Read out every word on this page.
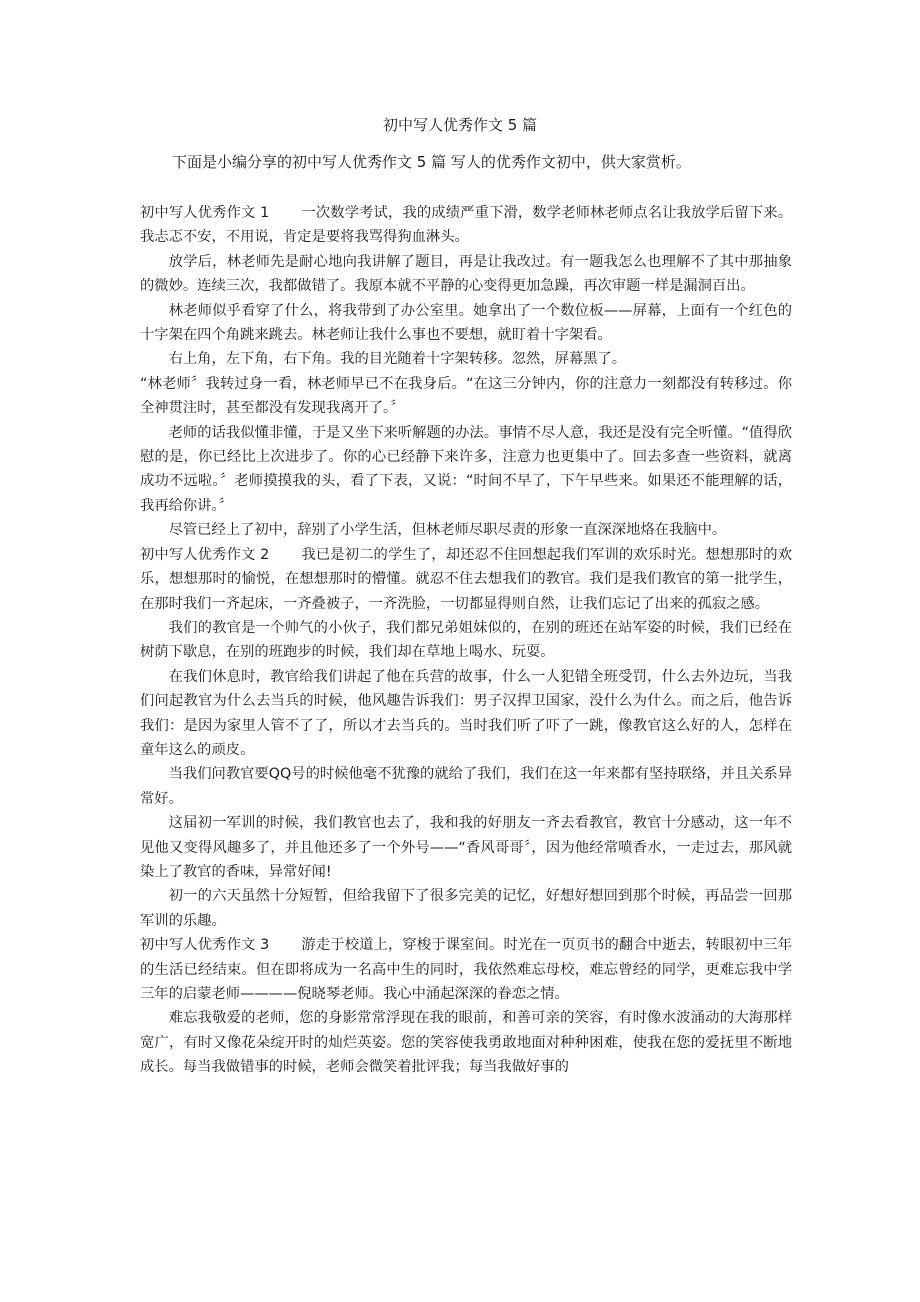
初中写人优秀作文 5 篇
下面是小编分享的初中写人优秀作文 5 篇 写人的优秀作文初中，供大家赏析。

初中写人优秀作文 1 一次数学考试，我的成绩严重下滑，数学老师林老师点名让我放学后留下来。我忐忑不安，不用说，肯定是要将我骂得狗血淋头。

放学后，林老师先是耐心地向我讲解了题目，再是让我改过。有一题我怎么也理解不了其中那抽象的微妙。连续三次，我都做错了。我原本就不平静的心变得更加急躁，再次审题一样是漏洞百出。

林老师似乎看穿了什么，将我带到了办公室里。她拿出了一个数位板——屏幕，上面有一个红色的十字架在四个角跳来跳去。林老师让我什么事也不要想，就盯着十字架看。

右上角，左下角，右下角。我的目光随着十字架转移。忽然，屏幕黑了。

“林老师〞我转过身一看，林老师早已不在我身后。“在这三分钟内，你的注意力一刻都没有转移过。你全神贯注时，甚至都没有发现我离开了。〞

老师的话我似懂非懂，于是又坐下来听解题的办法。事情不尽人意，我还是没有完全听懂。“值得欣慰的是，你已经比上次进步了。你的心已经静下来许多，注意力也更集中了。回去多查一些资料，就离成功不远啦。〞老师摸摸我的头，看了下表，又说：“时间不早了，下午早些来。如果还不能理解的话，我再给你讲。〞

尽管已经上了初中，辞别了小学生活，但林老师尽职尽责的形象一直深深地烙在我脑中。

初中写人优秀作文 2 我已是初二的学生了，却还忍不住回想起我们军训的欢乐时光。想想那时的欢乐，想想那时的愉悦，在想想那时的懵懂。就忍不住去想我们的教官。我们是我们教官的第一批学生，在那时我们一齐起床，一齐叠被子，一齐洗脸，一切都显得则自然，让我们忘记了出来的孤寂之感。

我们的教官是一个帅气的小伙子，我们都兄弟姐妹似的，在别的班还在站军姿的时候，我们已经在树荫下歇息，在别的班跑步的时候，我们却在草地上喝水、玩耍。

在我们休息时，教官给我们讲起了他在兵营的故事，什么一人犯错全班受罚，什么去外边玩，当我们问起教官为什么去当兵的时候，他风趣告诉我们：男子汉捍卫国家，没什么为什么。而之后，他告诉我们：是因为家里人管不了了，所以才去当兵的。当时我们听了吓了一跳，像教官这么好的人，怎样在童年这么的顽皮。

当我们问教官要QQ号的时候他毫不犹豫的就给了我们，我们在这一年来都有坚持联络，并且关系异常好。

这届初一军训的时候，我们教官也去了，我和我的好朋友一齐去看教官，教官十分感动，这一年不见他又变得风趣多了，并且他还多了一个外号——“香风哥哥〞，因为他经常喷香水，一走过去，那风就染上了教官的香味，异常好闻!

初一的六天虽然十分短暂，但给我留下了很多完美的记忆，好想好想回到那个时候，再品尝一回那军训的乐趣。

初中写人优秀作文 3 游走于校道上，穿梭于课室间。时光在一页页书的翻合中逝去，转眼初中三年的生活已经结束。但在即将成为一名高中生的同时，我依然难忘母校，难忘曾经的同学，更难忘我中学三年的启蒙老师————倪晓琴老师。我心中涌起深深的眷恋之情。

难忘我敬爱的老师，您的身影常常浮现在我的眼前，和善可亲的笑容，有时像水波涌动的大海那样宽广，有时又像花朵绽开时的灿烂英姿。您的笑容使我勇敢地面对种种困难，使我在您的爱抚里不断地成长。每当我做错事的时候，老师会微笑着批评我；每当我做好事的
